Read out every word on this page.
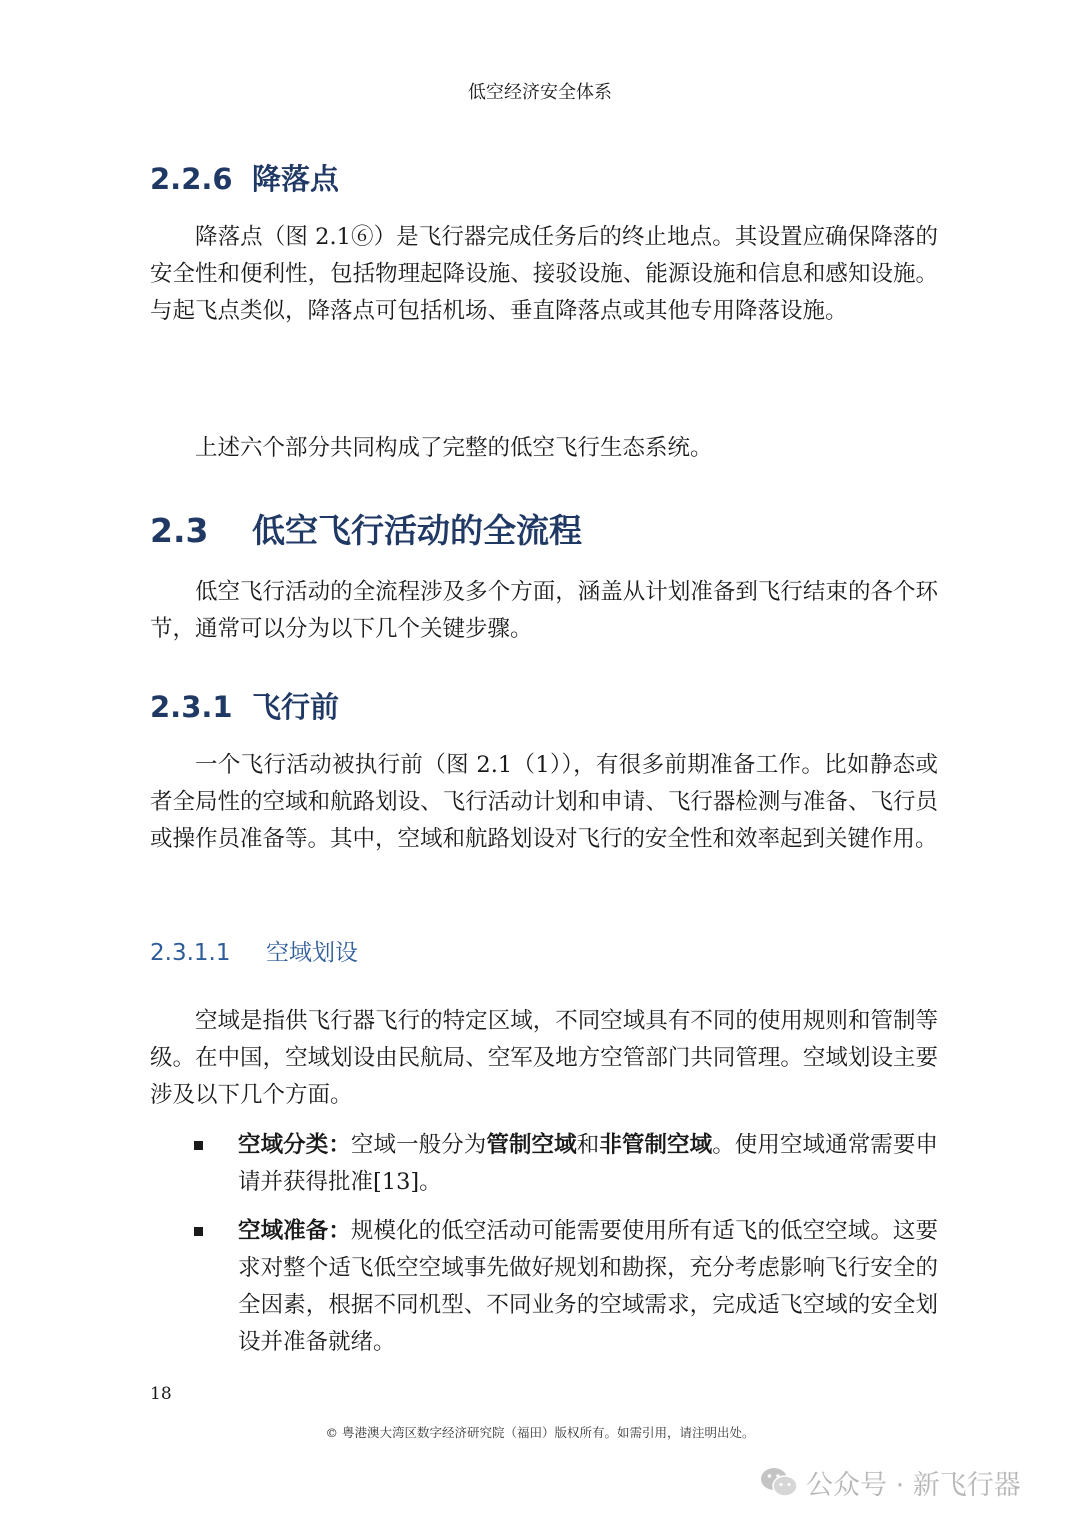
低空经济安全体系
2.2.6 降落点

降落点（图 2.1⑥）是飞行器完成任务后的终止地点。其设置应确保降落的安全性和便利性，包括物理起降设施、接驳设施、能源设施和信息和感知设施。与起飞点类似，降落点可包括机场、垂直降落点或其他专用降落设施。

上述六个部分共同构成了完整的低空飞行生态系统。

2.3 低空飞行活动的全流程

低空飞行活动的全流程涉及多个方面，涵盖从计划准备到飞行结束的各个环节，通常可以分为以下几个关键步骤。

2.3.1 飞行前

一个飞行活动被执行前（图 2.1（1）），有很多前期准备工作。比如静态或者全局性的空域和航路划设、飞行活动计划和申请、飞行器检测与准备、飞行员或操作员准备等。其中，空域和航路划设对飞行的安全性和效率起到关键作用。

2.3.1.1 空域划设

空域是指供飞行器飞行的特定区域，不同空域具有不同的使用规则和管制等级。在中国，空域划设由民航局、空军及地方空管部门共同管理。空域划设主要涉及以下几个方面。

空域分类：空域一般分为管制空域和非管制空域。使用空域通常需要申请并获得批准[13]。

空域准备：规模化的低空活动可能需要使用所有适飞的低空空域。这要求对整个适飞低空空域事先做好规划和勘探，充分考虑影响飞行安全的全因素，根据不同机型、不同业务的空域需求，完成适飞空域的安全划设并准备就绪。

18
© 粤港澳大湾区数字经济研究院（福田）版权所有。如需引用，请注明出处。
公众号 · 新飞行器
